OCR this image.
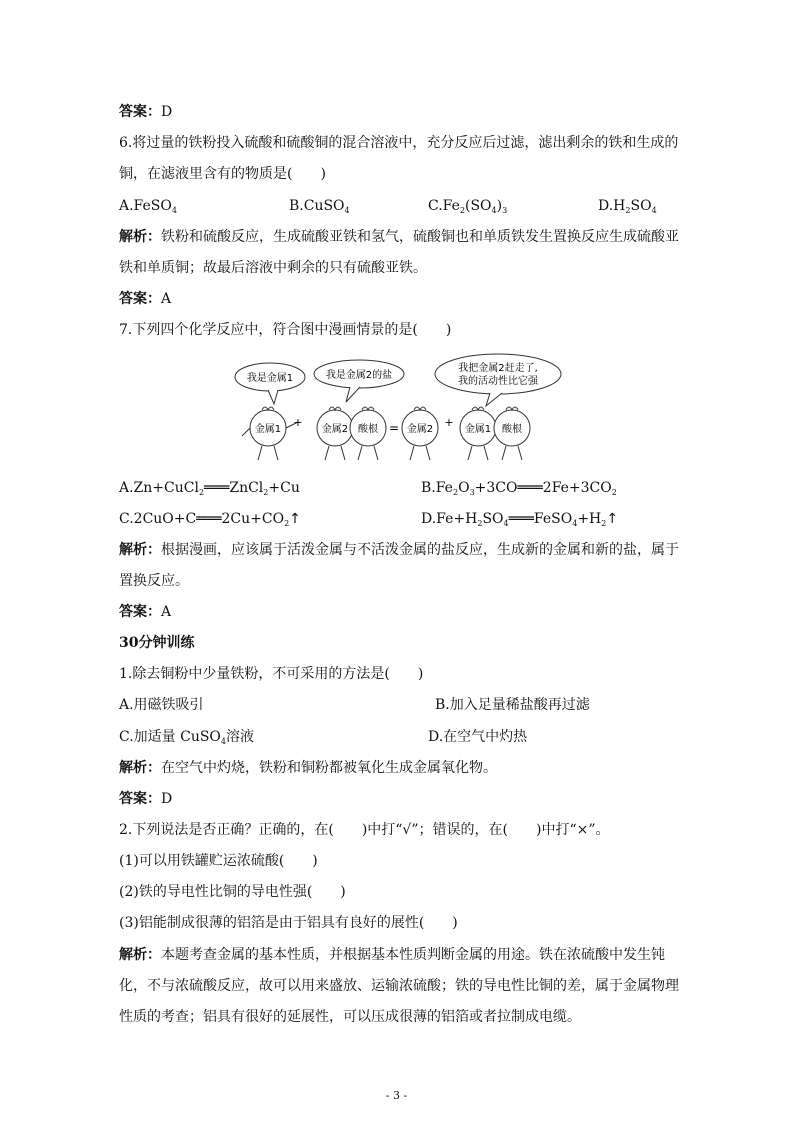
答案：D
6.将过量的铁粉投入硫酸和硫酸铜的混合溶液中，充分反应后过滤，滤出剩余的铁和生成的
铜，在滤液里含有的物质是(　　)
A.FeSO$_4$	B.CuSO$_4$	$C.Fe_2(SO_4)_3$	$D.H_2SO_4$
解析：铁粉和硫酸反应，生成硫酸亚铁和氢气，硫酸铜也和单质铁发生置换反应生成硫酸亚
铁和单质铜；故最后溶液中剩余的只有硫酸亚铁。
答案：A
7.下列四个化学反应中，符合图中漫画情景的是(　　)
我是金属1	我是金属2的盐
我把金属2赶走了,
我的活动性比它强
金属1	金属2 酸根	金属2	金属1 酸根
+	=	+
A.Zn+CuCl$_2$═══ZnCl$_2$+Cu	$B.Fe_2O_3+3CO═══2Fe+3CO_2$
$C.2CuO+C═══2Cu+CO_2↑$	$D.Fe+H_2SO_4═══FeSO_4+H_2↑$
解析：根据漫画，应该属于活泼金属与不活泼金属的盐反应，生成新的金属和新的盐，属于
置换反应。
答案：A
30分钟训练
1.除去铜粉中少量铁粉，不可采用的方法是(　　)
A.用磁铁吸引	B.加入足量稀盐酸再过滤
C.加适量 CuSO$_4$溶液	D.在空气中灼热
解析：在空气中灼烧，铁粉和铜粉都被氧化生成金属氧化物。
答案：D
2.下列说法是否正确？正确的，在(　　)中打“√”；错误的，在(　　)中打“×”。
(1)可以用铁罐贮运浓硫酸(　　)
(2)铁的导电性比铜的导电性强(　　)
(3)铝能制成很薄的铝箔是由于铝具有良好的展性(　　)
解析：本题考查金属的基本性质，并根据基本性质判断金属的用途。铁在浓硫酸中发生钝
化，不与浓硫酸反应，故可以用来盛放、运输浓硫酸；铁的导电性比铜的差，属于金属物理
性质的考查；铝具有很好的延展性，可以压成很薄的铝箔或者拉制成电缆。
- 3 -
